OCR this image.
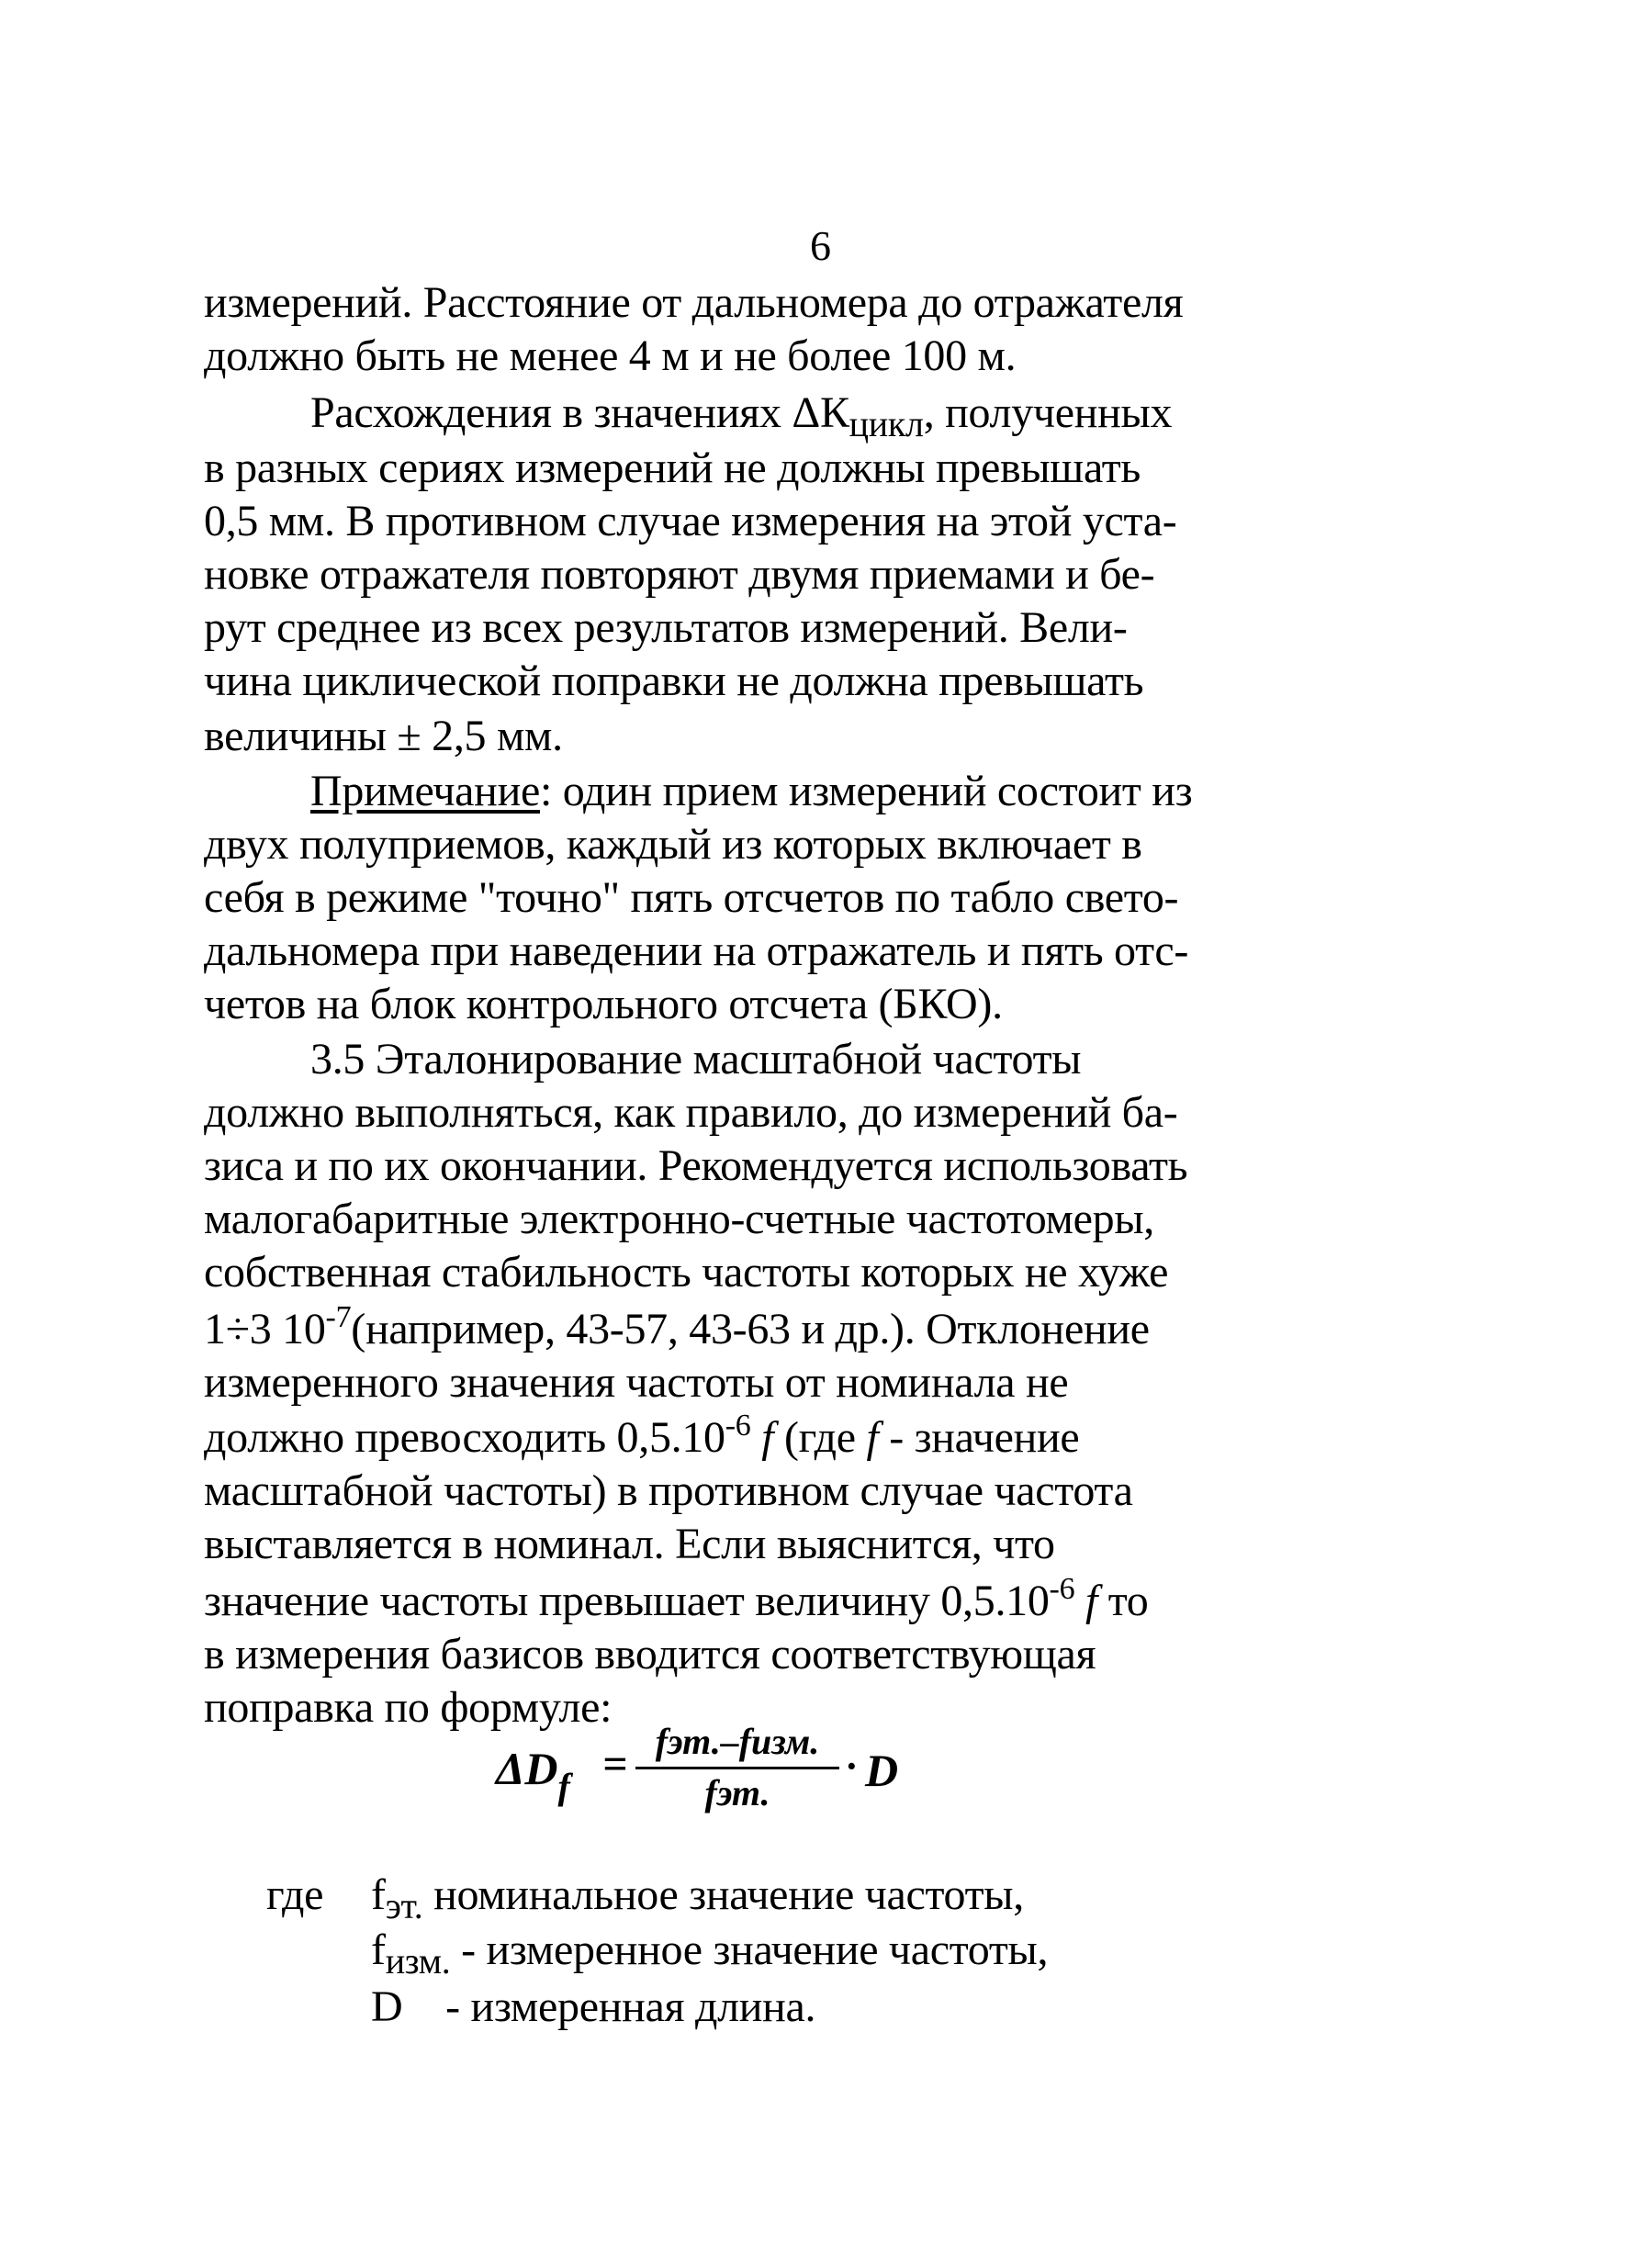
6
измерений. Расстояние от дальномера до отражателя
должно быть не менее 4 м и не более 100 м.
Расхождения в значениях $\Delta К_{цикл}$, полученных
в разных сериях измерений не должны превышать
0,5 мм. В противном случае измерения на этой уста-
новке отражателя повторяют двумя приемами и бе-
рут среднее из всех результатов измерений. Вели-
чина циклической поправки не должна превышать
величины ± 2,5 мм.
Примечание: один прием измерений состоит из
двух полуприемов, каждый из которых включает в
себя в режиме "точно" пять отсчетов по табло свето-
дальномера при наведении на отражатель и пять отс-
четов на блок контрольного отсчета (БКО).
3.5 Эталонирование масштабной частоты
должно выполняться, как правило, до измерений ба-
зиса и по их окончании. Рекомендуется использовать
малогабаритные электронно-счетные частотомеры,
собственная стабильность частоты которых не хуже
1÷3 $10^{-7}(например$, 43-57, 43-63 и др.). Отклонение
измеренного значения частоты от номинала не
должно превосходить $0,5.10^{-6}$ f (где f - значение
масштабной частоты) в противном случае частота
выставляется в номинал. Если выяснится, что
значение частоты превышает величину $0,5.10^{-6}$ f то
в измерения базисов вводится соответствующая
поправка по формуле:
$\Delta D_f$ = fэт.–fизм.
fэт.
· D
где $f_{эт.}$ номинальное значение частоты,
$f_{изм.}$ - измеренное значение частоты,
D    - измеренная длина.
